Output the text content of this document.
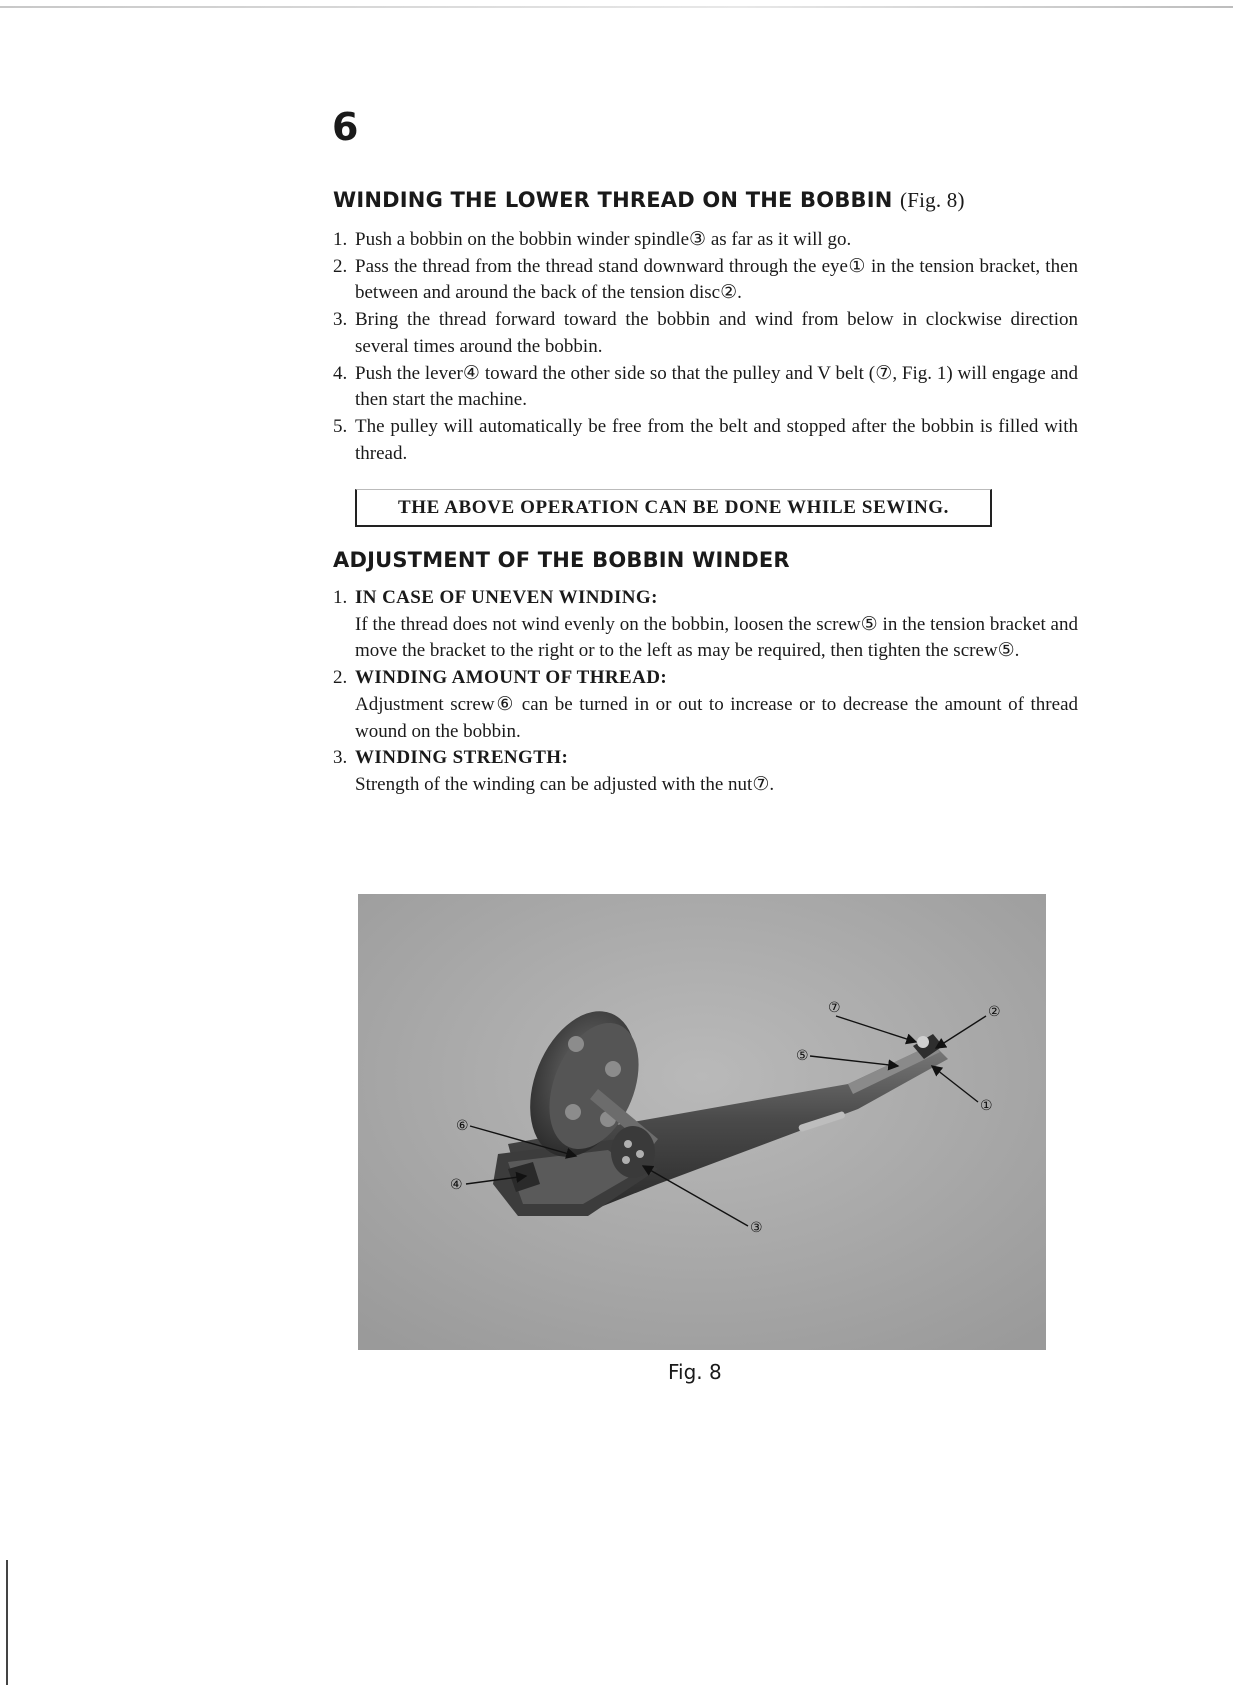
6
WINDING THE LOWER THREAD ON THE BOBBIN (Fig. 8)
1. Push a bobbin on the bobbin winder spindle③ as far as it will go.
2. Pass the thread from the thread stand downward through the eye① in the tension bracket, then between and around the back of the tension disc②.
3. Bring the thread forward toward the bobbin and wind from below in clockwise direction several times around the bobbin.
4. Push the lever④ toward the other side so that the pulley and V belt (⑦, Fig. 1) will engage and then start the machine.
5. The pulley will automatically be free from the belt and stopped after the bobbin is filled with thread.
THE ABOVE OPERATION CAN BE DONE WHILE SEWING.
ADJUSTMENT OF THE BOBBIN WINDER
1. IN CASE OF UNEVEN WINDING:
If the thread does not wind evenly on the bobbin, loosen the screw⑤ in the tension bracket and move the bracket to the right or to the left as may be required, then tighten the screw⑤.
2. WINDING AMOUNT OF THREAD:
Adjustment screw⑥ can be turned in or out to increase or to decrease the amount of thread wound on the bobbin.
3. WINDING STRENGTH:
Strength of the winding can be adjusted with the nut⑦.
⑦	②
①
⑤
⑥
④
③
Fig. 8
